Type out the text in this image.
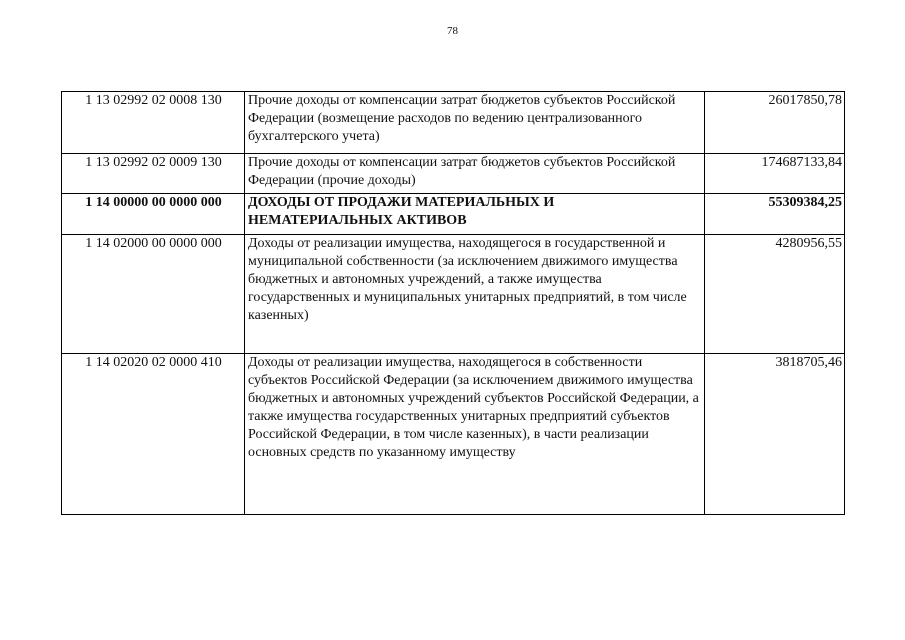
78
1 13 02992 02 0008 130	Прочие доходы от компенсации затрат бюджетов субъектов Российской Федерации (возмещение расходов по ведению централизованного бухгалтерского учета)	26017850,78
1 13 02992 02 0009 130	Прочие доходы от компенсации затрат бюджетов субъектов Российской Федерации (прочие доходы)	174687133,84
1 14 00000 00 0000 000	ДОХОДЫ ОТ ПРОДАЖИ МАТЕРИАЛЬНЫХ И НЕМАТЕРИАЛЬНЫХ АКТИВОВ	55309384,25
1 14 02000 00 0000 000	Доходы от реализации имущества, находящегося в государственной и муниципальной собственности (за исключением движимого имущества бюджетных и автономных учреждений, а также имущества государственных и муниципальных унитарных предприятий, в том числе казенных)	4280956,55
1 14 02020 02 0000 410	Доходы от реализации имущества, находящегося в собственности субъектов Российской Федерации (за исключением движимого имущества бюджетных и автономных учреждений субъектов Российской Федерации, а также имущества государственных унитарных предприятий субъектов Российской Федерации, в том числе казенных), в части реализации основных средств по указанному имуществу	3818705,46
